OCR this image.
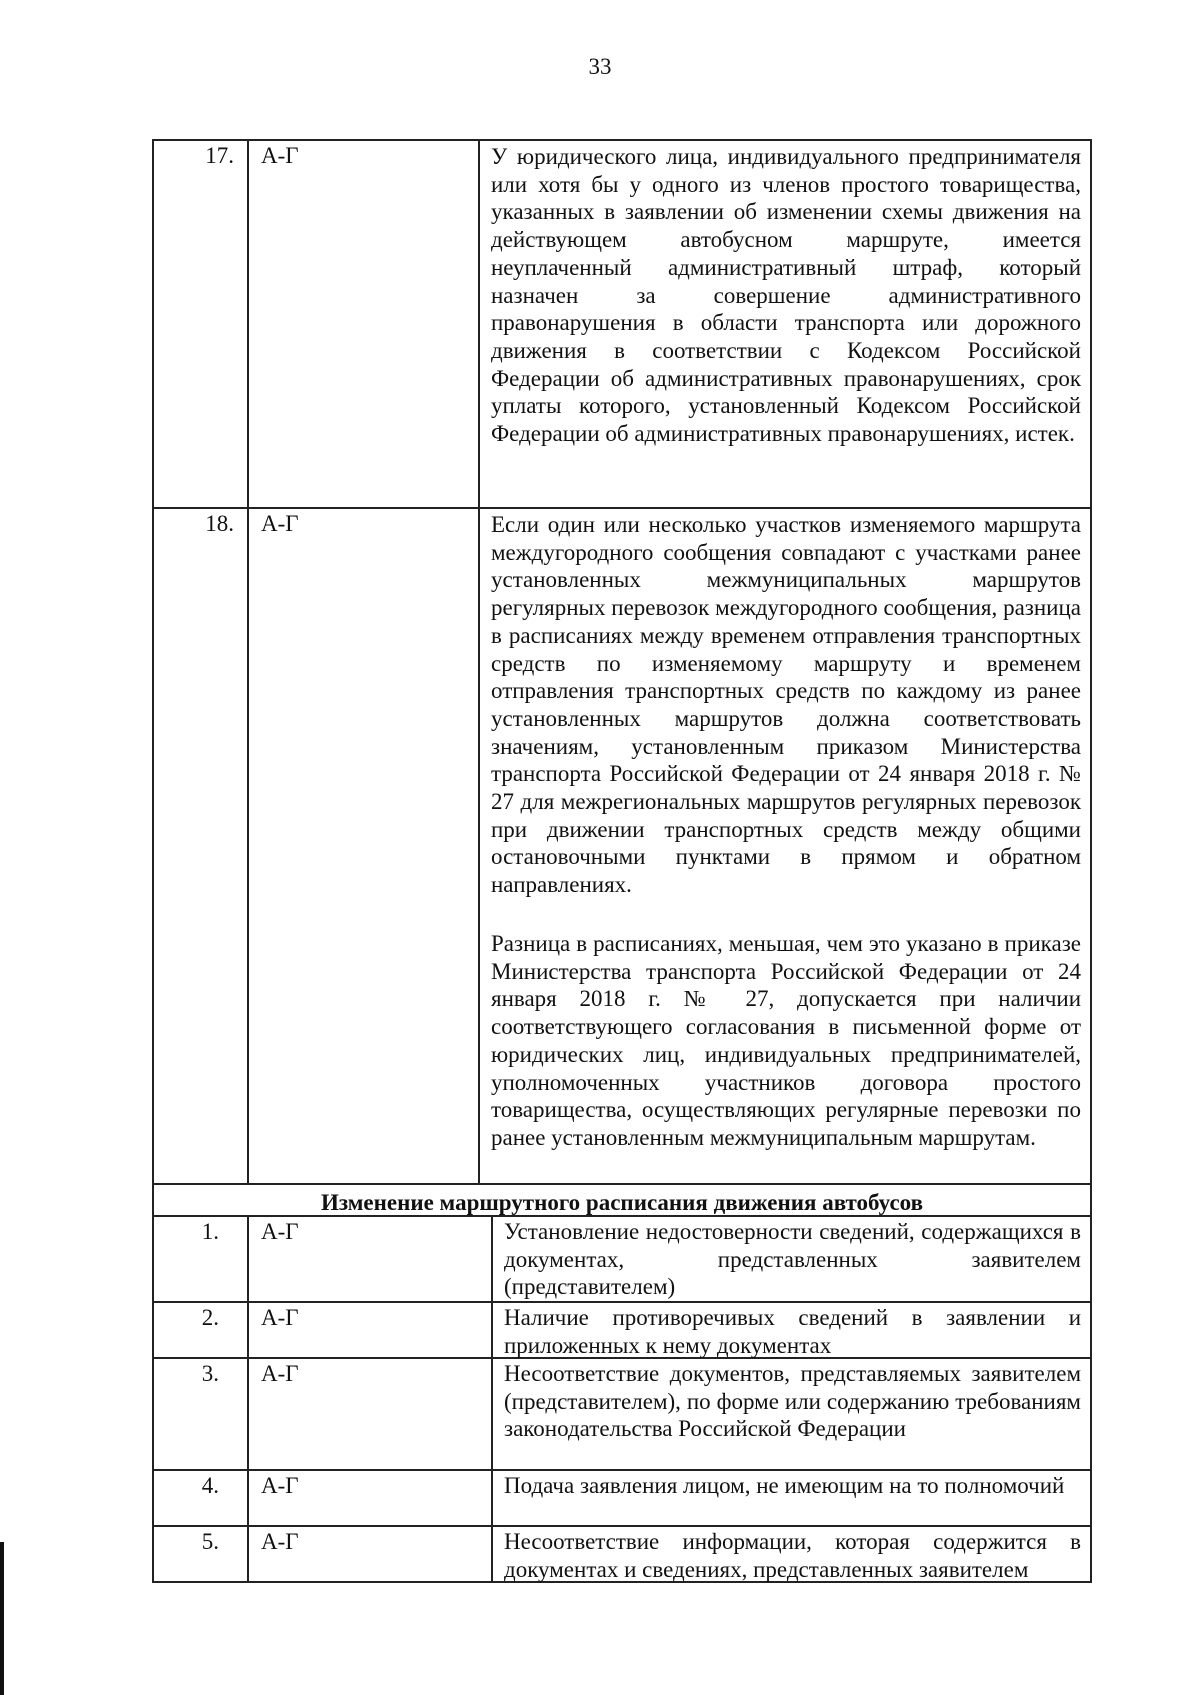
33
17. А-Г	У юридического лица, индивидуального предпринимателя или хотя бы у одного из членов простого товарищества, указанных в заявлении об изменении схемы движения на действующем автобусном маршруте, имеется неуплаченный административный штраф, который назначен за совершение административного правонарушения в области транспорта или дорожного движения в соответствии с Кодексом Российской Федерации об административных правонарушениях, срок уплаты которого, установленный Кодексом Российской Федерации об административных правонарушениях, истек.
18. А-Г	Если один или несколько участков изменяемого маршрута междугородного сообщения совпадают с участками ранее установленных межмуниципальных маршрутов регулярных перевозок междугородного сообщения, разница в расписаниях между временем отправления транспортных средств по изменяемому маршруту и временем отправления транспортных средств по каждому из ранее установленных маршрутов должна соответствовать значениям, установленным приказом Министерства транспорта Российской Федерации от 24 января 2018 г. № 27 для межрегиональных маршрутов регулярных перевозок при движении транспортных средств между общими остановочными пунктами в прямом и обратном направлениях.
Разница в расписаниях, меньшая, чем это указано в приказе Министерства транспорта Российской Федерации от 24 января 2018 г. № 27, допускается при наличии соответствующего согласования в письменной форме от юридических лиц, индивидуальных предпринимателей, уполномоченных участников договора простого товарищества, осуществляющих регулярные перевозки по ранее установленным межмуниципальным маршрутам.
Изменение маршрутного расписания движения автобусов
1. А-Г	Установление недостоверности сведений, содержащихся в документах, представленных заявителем (представителем)
2. А-Г	Наличие противоречивых сведений в заявлении и приложенных к нему документах
3. А-Г	Несоответствие документов, представляемых заявителем (представителем), по форме или содержанию требованиям законодательства Российской Федерации
4. А-Г	Подача заявления лицом, не имеющим на то полномочий
5. А-Г	Несоответствие информации, которая содержится в документах и сведениях, представленных заявителем
